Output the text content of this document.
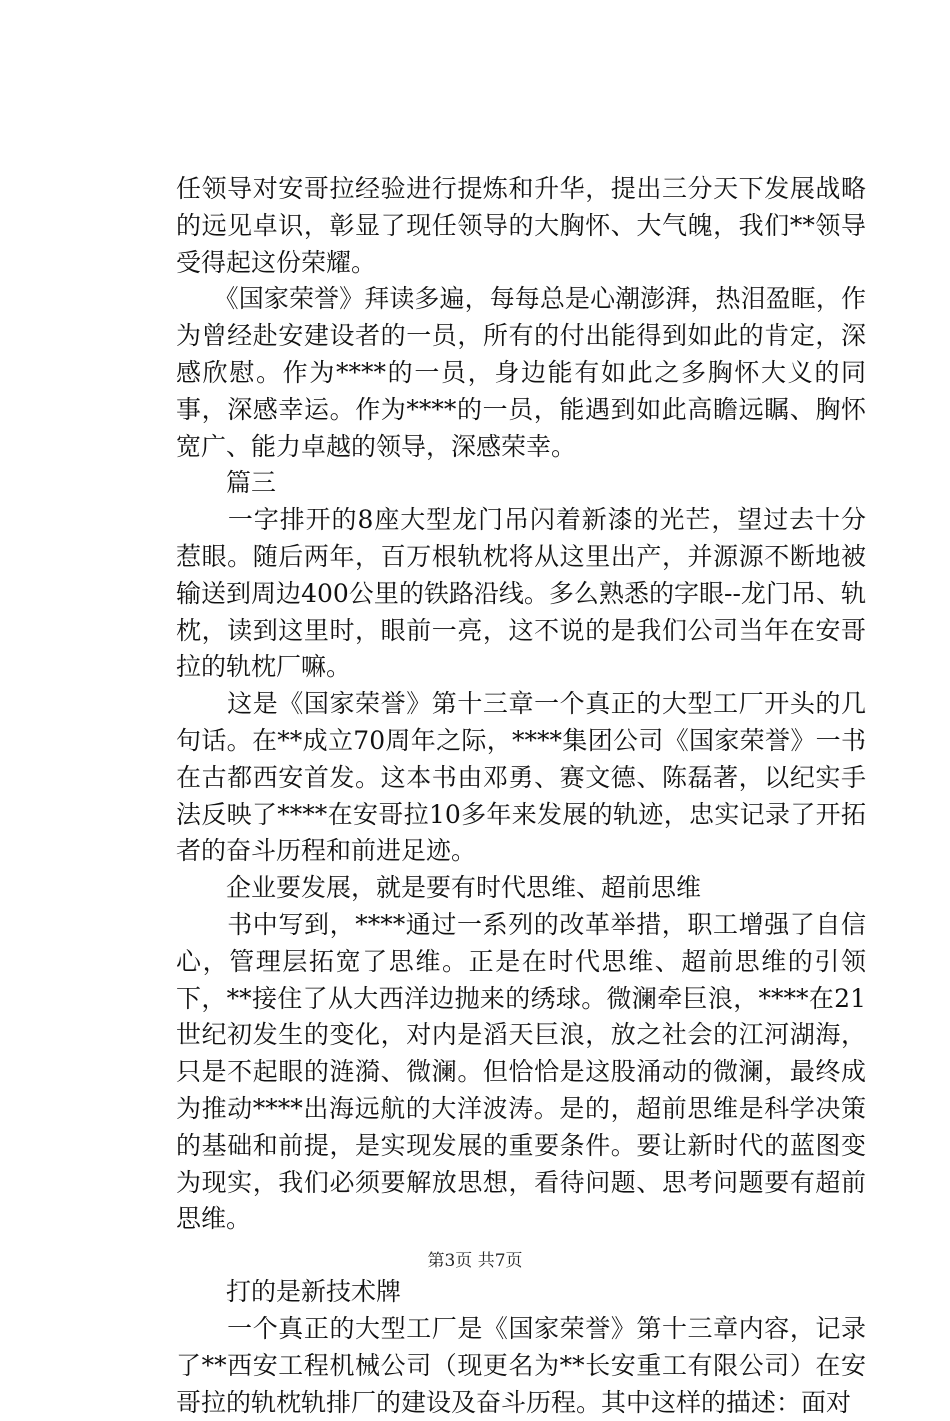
任领导对安哥拉经验进行提炼和升华，提出三分天下发展战略的远见卓识，彰显了现任领导的大胸怀、大气魄，我们**领导受得起这份荣耀。

　　《国家荣誉》拜读多遍，每每总是心潮澎湃，热泪盈眶，作为曾经赴安建设者的一员，所有的付出能得到如此的肯定，深感欣慰。作为****的一员，身边能有如此之多胸怀大义的同事，深感幸运。作为****的一员，能遇到如此高瞻远瞩、胸怀宽广、能力卓越的领导，深感荣幸。

　　篇三

　　一字排开的8座大型龙门吊闪着新漆的光芒，望过去十分惹眼。随后两年，百万根轨枕将从这里出产，并源源不断地被输送到周边400公里的铁路沿线。多么熟悉的字眼--龙门吊、轨枕，读到这里时，眼前一亮，这不说的是我们公司当年在安哥拉的轨枕厂嘛。

　　这是《国家荣誉》第十三章一个真正的大型工厂开头的几句话。在**成立70周年之际，****集团公司《国家荣誉》一书在古都西安首发。这本书由邓勇、赛文德、陈磊著，以纪实手法反映了****在安哥拉10多年来发展的轨迹，忠实记录了开拓者的奋斗历程和前进足迹。

　　企业要发展，就是要有时代思维、超前思维

　　书中写到，****通过一系列的改革举措，职工增强了自信心，管理层拓宽了思维。正是在时代思维、超前思维的引领下，**接住了从大西洋边抛来的绣球。微澜牵巨浪，****在21世纪初发生的变化，对内是滔天巨浪，放之社会的江河湖海，只是不起眼的涟漪、微澜。但恰恰是这股涌动的微澜，最终成为推动****出海远航的大洋波涛。是的，超前思维是科学决策的基础和前提，是实现发展的重要条件。要让新时代的蓝图变为现实，我们必须要解放思想，看待问题、思考问题要有超前思维。

　　打的是新技术牌

　　一个真正的大型工厂是《国家荣誉》第十三章内容，记录了**西安工程机械公司（现更名为**长安重工有限公司）在安哥拉的轨枕轨排厂的建设及奋斗历程。其中这样的描述：面对

第3页 共7页
